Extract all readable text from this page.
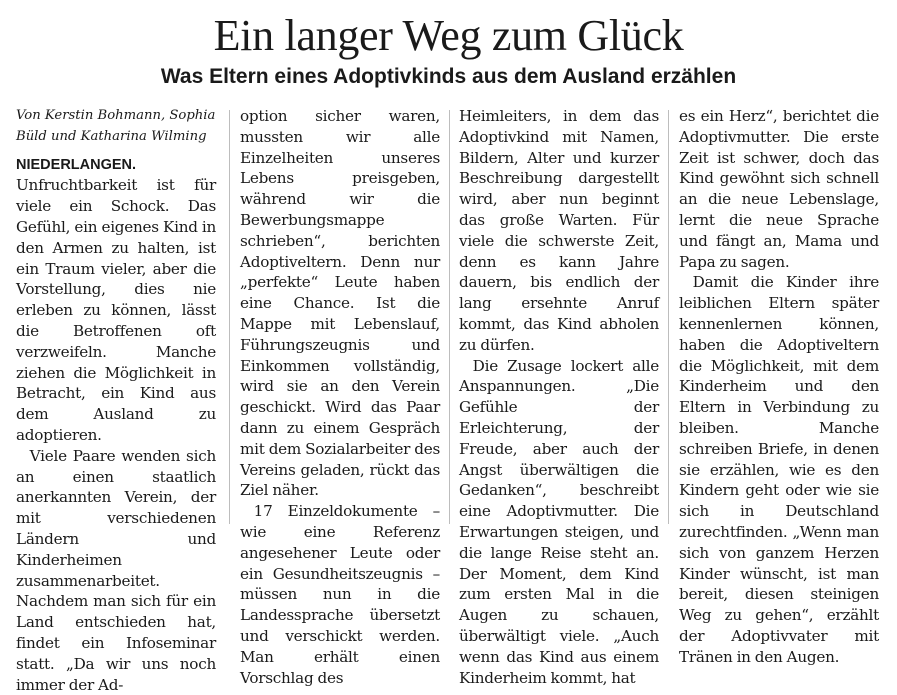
Ein langer Weg zum Glück
Was Eltern eines Adoptivkinds aus dem Ausland erzählen
Von Kerstin Bohmann, Sophia Büld und Katharina Wilming

NIEDERLANGEN. Unfruchtbarkeit ist für viele ein Schock. Das Gefühl, ein eigenes Kind in den Armen zu halten, ist ein Traum vieler, aber die Vorstellung, dies nie erleben zu können, lässt die Betroffenen oft verzweifeln. Manche ziehen die Möglichkeit in Betracht, ein Kind aus dem Ausland zu adoptieren.

Viele Paare wenden sich an einen staatlich anerkannten Verein, der mit verschiedenen Ländern und Kinderheimen zusammenarbeitet. Nachdem man sich für ein Land entschieden hat, findet ein Infoseminar statt. „Da wir uns noch immer der Ad-

option sicher waren, mussten wir alle Einzelheiten unseres Lebens preisgeben, während wir die Bewerbungsmappe schrieben“, berichten Adoptiveltern. Denn nur „perfekte“ Leute haben eine Chance. Ist die Mappe mit Lebenslauf, Führungszeugnis und Einkommen vollständig, wird sie an den Verein geschickt. Wird das Paar dann zu einem Gespräch mit dem Sozialarbeiter des Vereins geladen, rückt das Ziel näher.

17 Einzeldokumente – wie eine Referenz angesehener Leute oder ein Gesundheitszeugnis – müssen nun in die Landessprache übersetzt und verschickt werden. Man erhält einen Vorschlag des

Heimleiters, in dem das Adoptivkind mit Namen, Bildern, Alter und kurzer Beschreibung dargestellt wird, aber nun beginnt das große Warten. Für viele die schwerste Zeit, denn es kann Jahre dauern, bis endlich der lang ersehnte Anruf kommt, das Kind abholen zu dürfen.

Die Zusage lockert alle Anspannungen. „Die Gefühle der Erleichterung, der Freude, aber auch der Angst überwältigen die Gedanken“, beschreibt eine Adoptivmutter. Die Erwartungen steigen, und die lange Reise steht an. Der Moment, dem Kind zum ersten Mal in die Augen zu schauen, überwältigt viele. „Auch wenn das Kind aus einem Kinderheim kommt, hat

es ein Herz“, berichtet die Adoptivmutter. Die erste Zeit ist schwer, doch das Kind gewöhnt sich schnell an die neue Lebenslage, lernt die neue Sprache und fängt an, Mama und Papa zu sagen.

Damit die Kinder ihre leiblichen Eltern später kennenlernen können, haben die Adoptiveltern die Möglichkeit, mit dem Kinderheim und den Eltern in Verbindung zu bleiben. Manche schreiben Briefe, in denen sie erzählen, wie es den Kindern geht oder wie sie sich in Deutschland zurechtfinden. „Wenn man sich von ganzem Herzen Kinder wünscht, ist man bereit, diesen steinigen Weg zu gehen“, erzählt der Adoptivvater mit Tränen in den Augen.
